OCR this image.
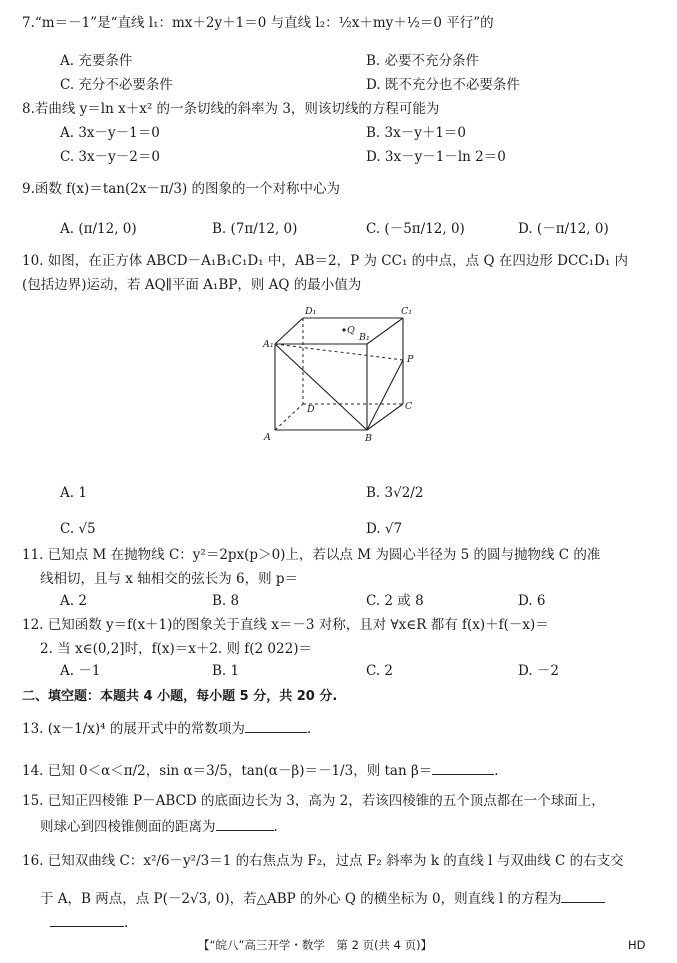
7.“m＝－1”是“直线 l₁：mx＋2y＋1＝0 与直线 l₂：½x＋my＋½＝0 平行”的
A. 充要条件	B. 必要不充分条件
C. 充分不必要条件	D. 既不充分也不必要条件
8.若曲线 y＝ln x＋x² 的一条切线的斜率为 3，则该切线的方程可能为
A. 3x－y－1＝0	B. 3x－y＋1＝0
C. 3x－y－2＝0	D. 3x－y－1－ln 2＝0
9.函数 f(x)＝tan(2x－π/3) 的图象的一个对称中心为
A. (π/12, 0)	B. (7π/12, 0)	C. (－5π/12, 0)	D. (－π/12, 0)
10. 如图，在正方体 ABCD－A₁B₁C₁D₁ 中，AB＝2，P 为 CC₁ 的中点，点 Q 在四边形 DCC₁D₁ 内
(包括边界)运动，若 AQ∥平面 A₁BP，则 AQ 的最小值为
A₁
A	B
C
D
D₁	C₁
B₁
P
Q
A. 1	B. 3√2/2
C. √5	D. √7
11. 已知点 M 在抛物线 C：y²＝2px(p＞0)上，若以点 M 为圆心半径为 5 的圆与抛物线 C 的准
线相切，且与 x 轴相交的弦长为 6，则 p＝
A. 2	B. 8	C. 2 或 8	D. 6
12. 已知函数 y＝f(x＋1)的图象关于直线 x＝－3 对称，且对 ∀x∈R 都有 f(x)＋f(－x)＝
2. 当 x∈(0,2]时，f(x)＝x＋2. 则 f(2 022)＝
A. －1	B. 1	C. 2	D. －2
二、填空题：本题共 4 小题，每小题 5 分，共 20 分.
13. (x－1/x)⁴ 的展开式中的常数项为	.
14. 已知 0＜α＜π/2，sin α＝3/5，tan(α－β)＝－1/3，则 tan β＝	.
15. 已知正四棱锥 P－ABCD 的底面边长为 3，高为 2，若该四棱锥的五个顶点都在一个球面上，
则球心到四棱锥侧面的距离为	.
16. 已知双曲线 C：x²/6－y²/3＝1 的右焦点为 F₂，过点 F₂ 斜率为 k 的直线 l 与双曲线 C 的右支交
于 A，B 两点，点 P(－2√3, 0)，若△ABP 的外心 Q 的横坐标为 0，则直线 l 的方程为
.
【“皖八”高三开学・数学　第 2 页(共 4 页)】	HD
